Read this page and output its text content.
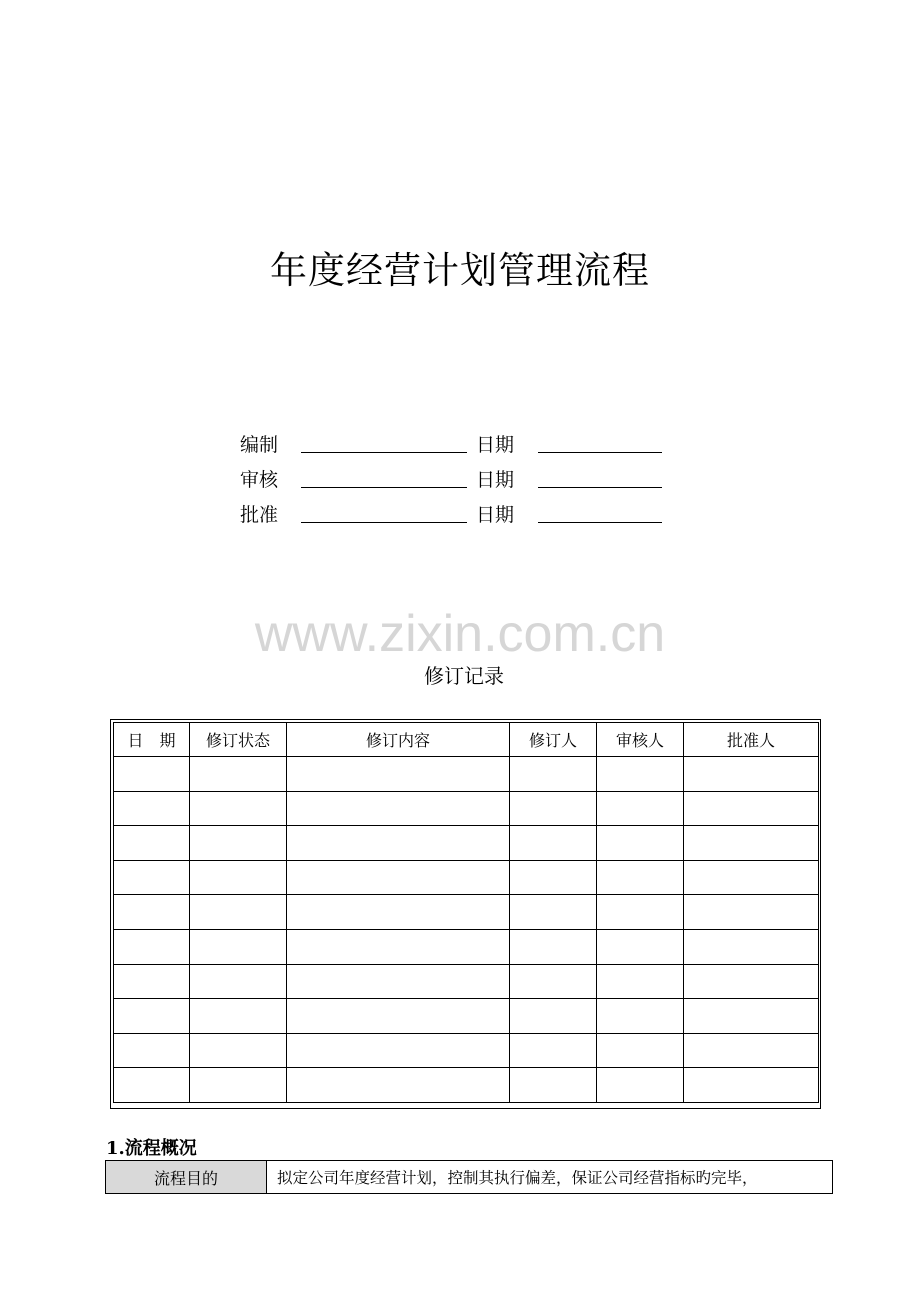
年度经营计划管理流程
编制	日期
审核	日期
批准	日期
www.zixin.com.cn
修订记录
日　期	修订状态	修订内容	修订人	审核人	批准人

1.流程概况
流程目的	拟定公司年度经营计划，控制其执行偏差，保证公司经营指标旳完毕，
